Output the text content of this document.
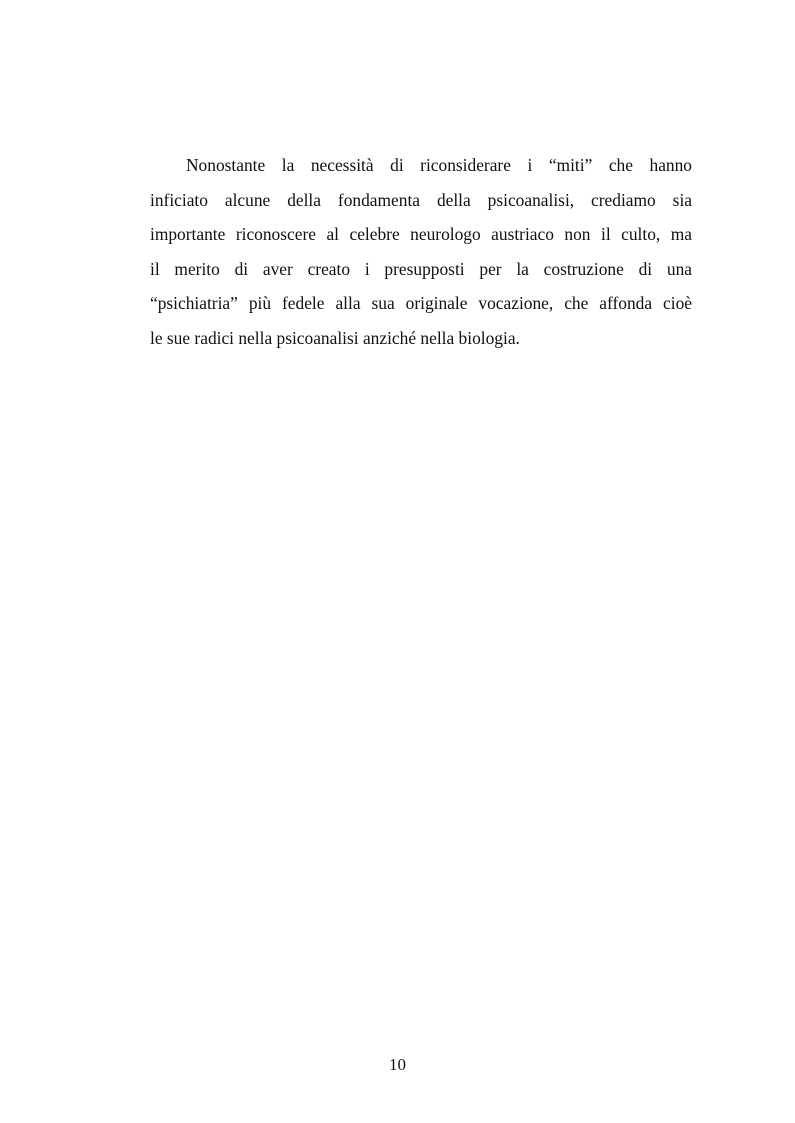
Nonostante la necessità di riconsiderare i “miti” che hanno
inficiato alcune della fondamenta della psicoanalisi, crediamo sia
importante riconoscere al celebre neurologo austriaco non il culto, ma
il merito di aver creato i presupposti per la costruzione di una
“psichiatria” più fedele alla sua originale vocazione, che affonda cioè
le sue radici nella psicoanalisi anziché nella biologia.

10
